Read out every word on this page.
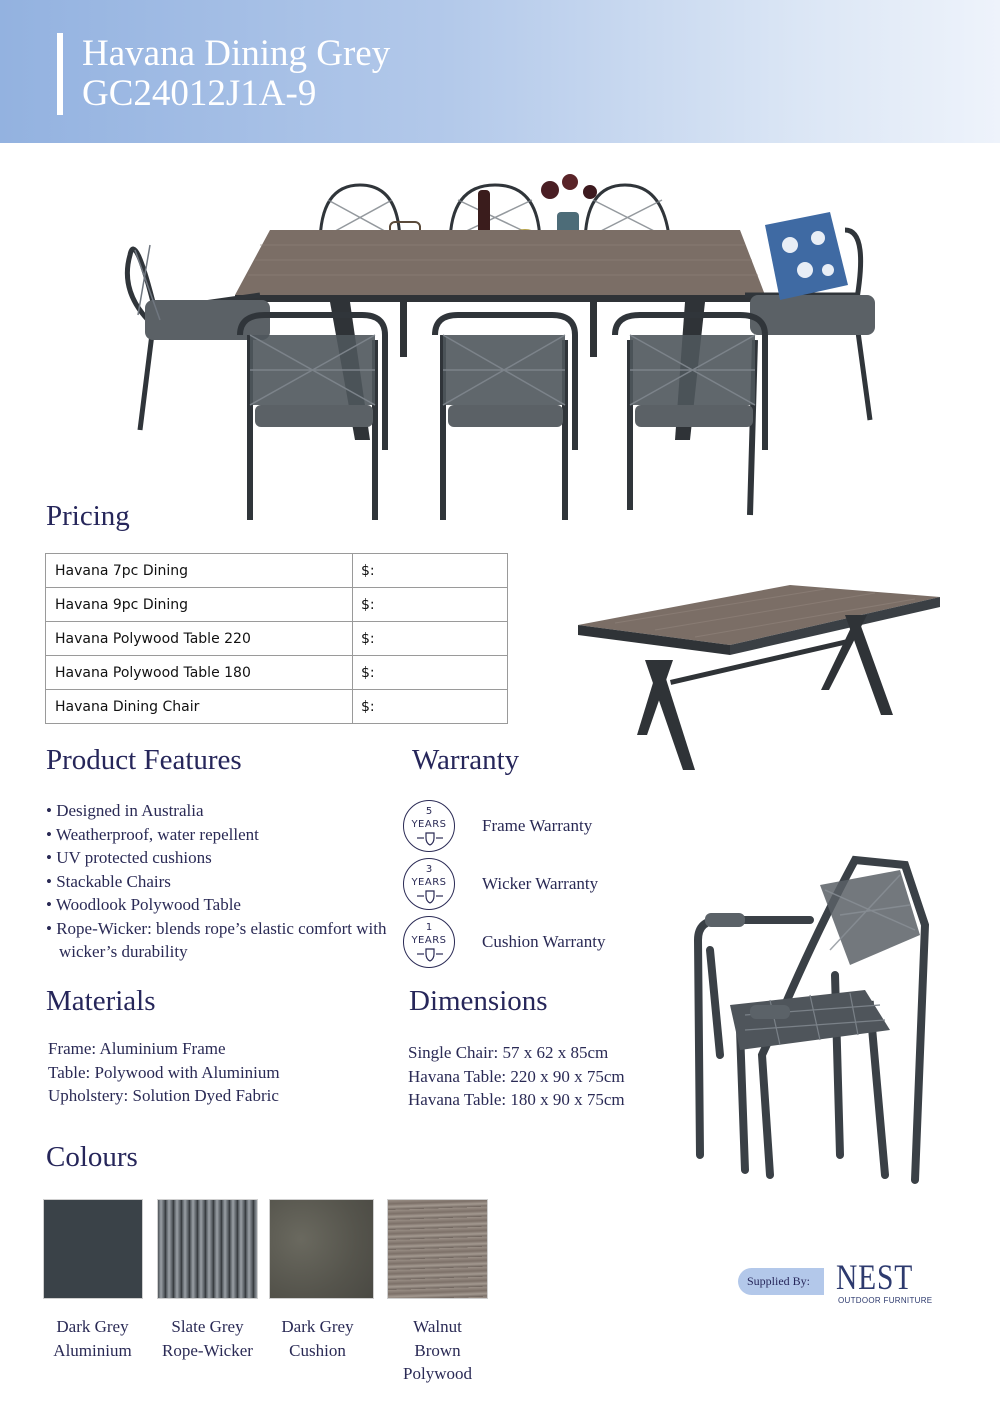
Havana Dining Grey
GC24012J1A-9
Pricing
Havana 7pc Dining	$:
Havana 9pc Dining	$:
Havana Polywood Table 220	$:
Havana Polywood Table 180	$:
Havana Dining Chair	$:
Product Features
• Designed in Australia
• Weatherproof, water repellent
• UV protected cushions
• Stackable Chairs
• Woodlook Polywood Table
• Rope-Wicker: blends rope’s elastic comfort with wicker’s durability
Warranty
5
YEARS	Frame Warranty
3
YEARS	Wicker Warranty
1
YEARS	Cushion Warranty
Materials
Frame: Aluminium Frame
Table: Polywood with Aluminium
Upholstery: Solution Dyed Fabric
Dimensions
Single Chair: 57 x 62 x 85cm
Havana Table: 220 x 90 x 75cm
Havana Table: 180 x 90 x 75cm
Colours
Dark Grey
Aluminium
Slate Grey
Rope-Wicker
Dark Grey
Cushion
Walnut
Brown
Polywood
Supplied By: NEST
OUTDOOR FURNITURE
